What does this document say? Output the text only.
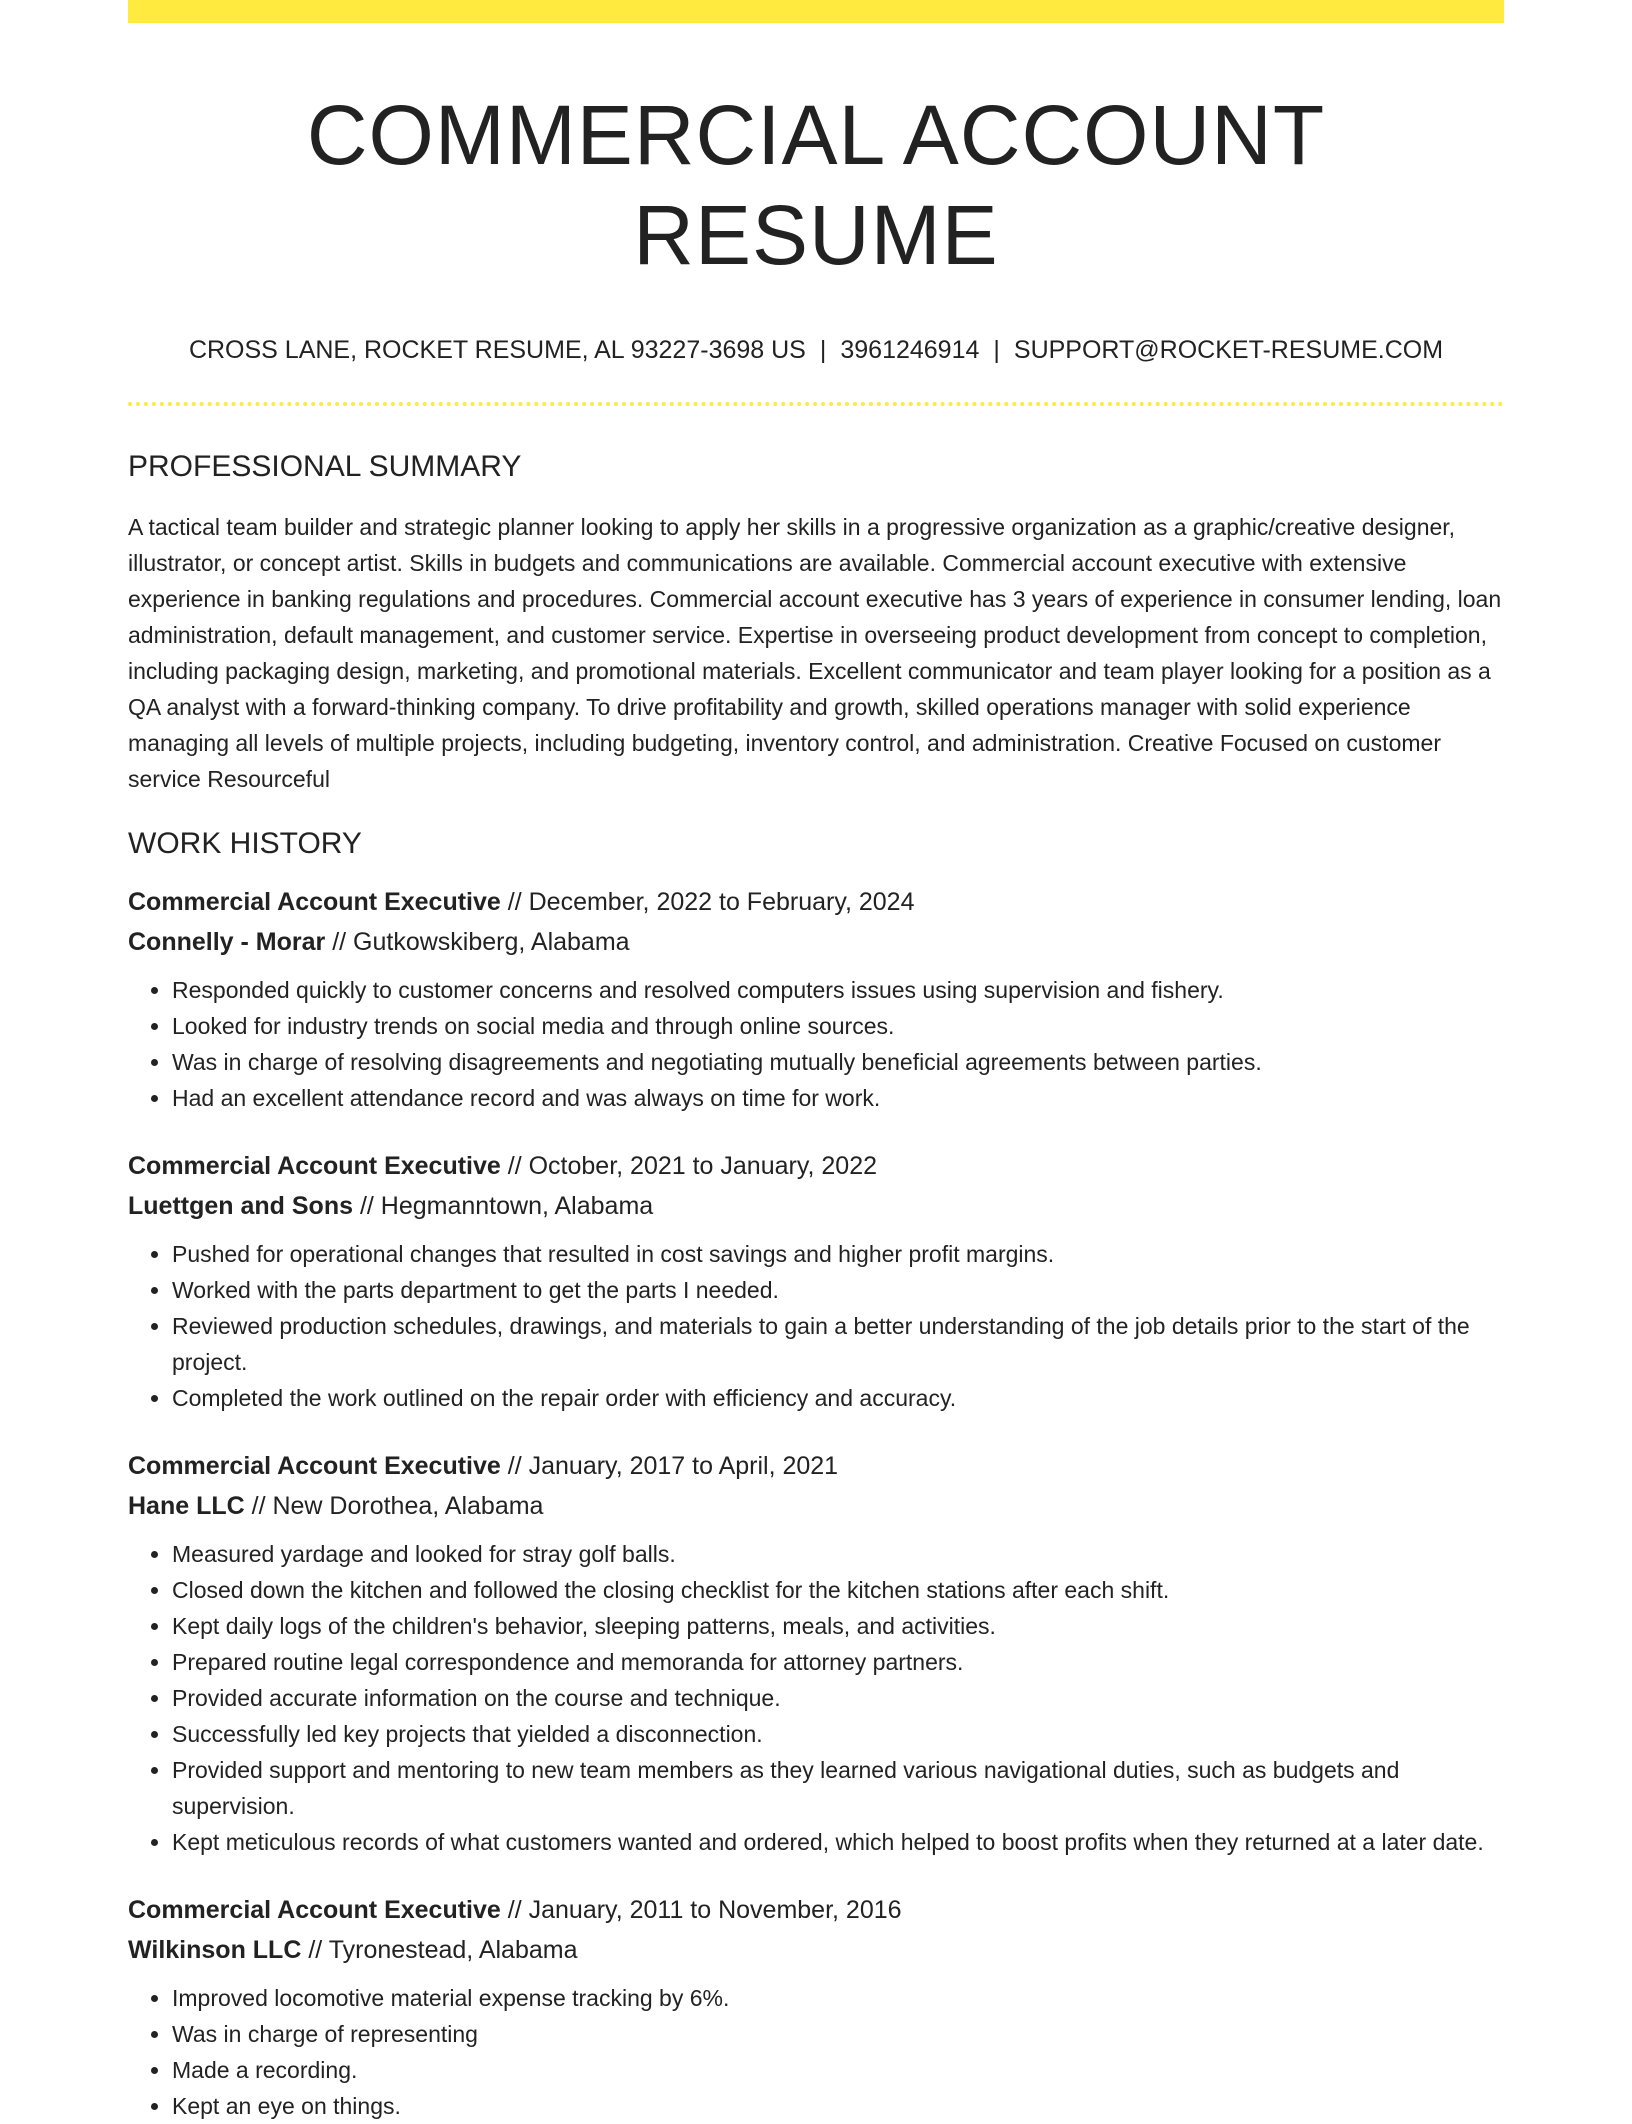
COMMERCIAL ACCOUNT RESUME
CROSS LANE, ROCKET RESUME, AL 93227-3698 US | 3961246914 | SUPPORT@ROCKET-RESUME.COM
PROFESSIONAL SUMMARY
A tactical team builder and strategic planner looking to apply her skills in a progressive organization as a graphic/creative designer, illustrator, or concept artist. Skills in budgets and communications are available. Commercial account executive with extensive experience in banking regulations and procedures. Commercial account executive has 3 years of experience in consumer lending, loan administration, default management, and customer service. Expertise in overseeing product development from concept to completion, including packaging design, marketing, and promotional materials. Excellent communicator and team player looking for a position as a QA analyst with a forward-thinking company. To drive profitability and growth, skilled operations manager with solid experience managing all levels of multiple projects, including budgeting, inventory control, and administration. Creative Focused on customer service Resourceful
WORK HISTORY
Commercial Account Executive // December, 2022 to February, 2024
Connelly - Morar // Gutkowskiberg, Alabama
• Responded quickly to customer concerns and resolved computers issues using supervision and fishery.
• Looked for industry trends on social media and through online sources.
• Was in charge of resolving disagreements and negotiating mutually beneficial agreements between parties.
• Had an excellent attendance record and was always on time for work.
Commercial Account Executive // October, 2021 to January, 2022
Luettgen and Sons // Hegmanntown, Alabama
• Pushed for operational changes that resulted in cost savings and higher profit margins.
• Worked with the parts department to get the parts I needed.
• Reviewed production schedules, drawings, and materials to gain a better understanding of the job details prior to the start of the project.
• Completed the work outlined on the repair order with efficiency and accuracy.
Commercial Account Executive // January, 2017 to April, 2021
Hane LLC // New Dorothea, Alabama
• Measured yardage and looked for stray golf balls.
• Closed down the kitchen and followed the closing checklist for the kitchen stations after each shift.
• Kept daily logs of the children's behavior, sleeping patterns, meals, and activities.
• Prepared routine legal correspondence and memoranda for attorney partners.
• Provided accurate information on the course and technique.
• Successfully led key projects that yielded a disconnection.
• Provided support and mentoring to new team members as they learned various navigational duties, such as budgets and supervision.
• Kept meticulous records of what customers wanted and ordered, which helped to boost profits when they returned at a later date.
Commercial Account Executive // January, 2011 to November, 2016
Wilkinson LLC // Tyronestead, Alabama
• Improved locomotive material expense tracking by 6%.
• Was in charge of representing
• Made a recording.
• Kept an eye on things.
